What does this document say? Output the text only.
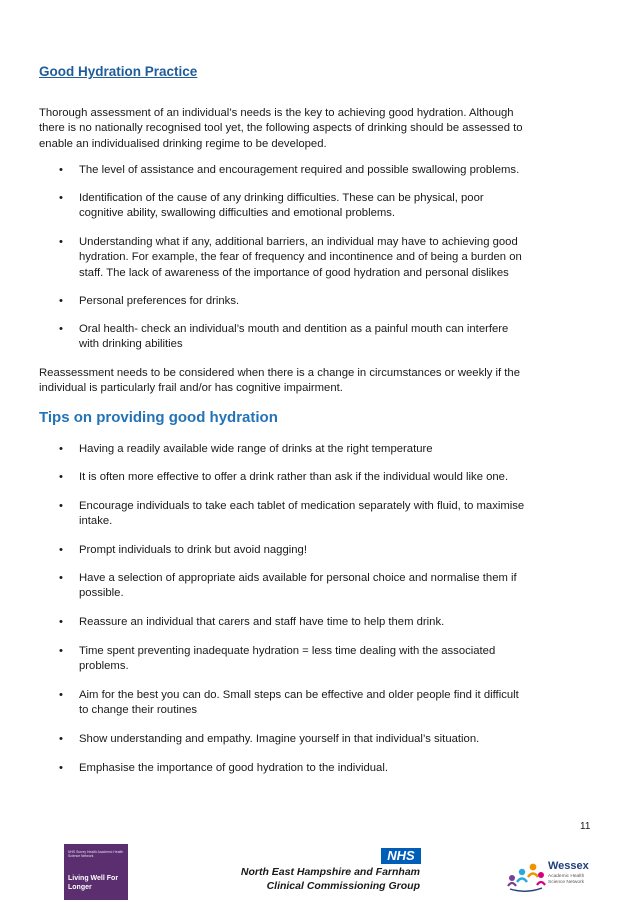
Good Hydration Practice

Thorough assessment of an individual’s needs is the key to achieving good hydration. Although
there is no nationally recognised tool yet, the following aspects of drinking should be assessed to
enable an individualised drinking regime to be developed.

• The level of assistance and encouragement required and possible swallowing problems.
• Identification of the cause of any drinking difficulties. These can be physical, poor
cognitive ability, swallowing difficulties and emotional problems.
• Understanding what if any, additional barriers, an individual may have to achieving good
hydration. For example, the fear of frequency and incontinence and of being a burden on
staff. The lack of awareness of the importance of good hydration and personal dislikes
• Personal preferences for drinks.
• Oral health- check an individual’s mouth and dentition as a painful mouth can interfere
with drinking abilities

Reassessment needs to be considered when there is a change in circumstances or weekly if the
individual is particularly frail and/or has cognitive impairment.

Tips on providing good hydration
• Having a readily available wide range of drinks at the right temperature
• It is often more effective to offer a drink rather than ask if the individual would like one.
• Encourage individuals to take each tablet of medication separately with fluid, to maximise
intake.
• Prompt individuals to drink but avoid nagging!
• Have a selection of appropriate aids available for personal choice and normalise them if
possible.
• Reassure an individual that carers and staff have time to help them drink.
• Time spent preventing inadequate hydration = less time dealing with the associated
problems.
• Aim for the best you can do. Small steps can be effective and older people find it difficult
to change their routines
• Show understanding and empathy. Imagine yourself in that individual’s situation.
• Emphasise the importance of good hydration to the individual.
11
NHS Surrey Health Academic Health Science Network
Living Well For Longer
NHS
North East Hampshire and Farnham
Clinical Commissioning Group
Wessex
Academic Health Science Network
